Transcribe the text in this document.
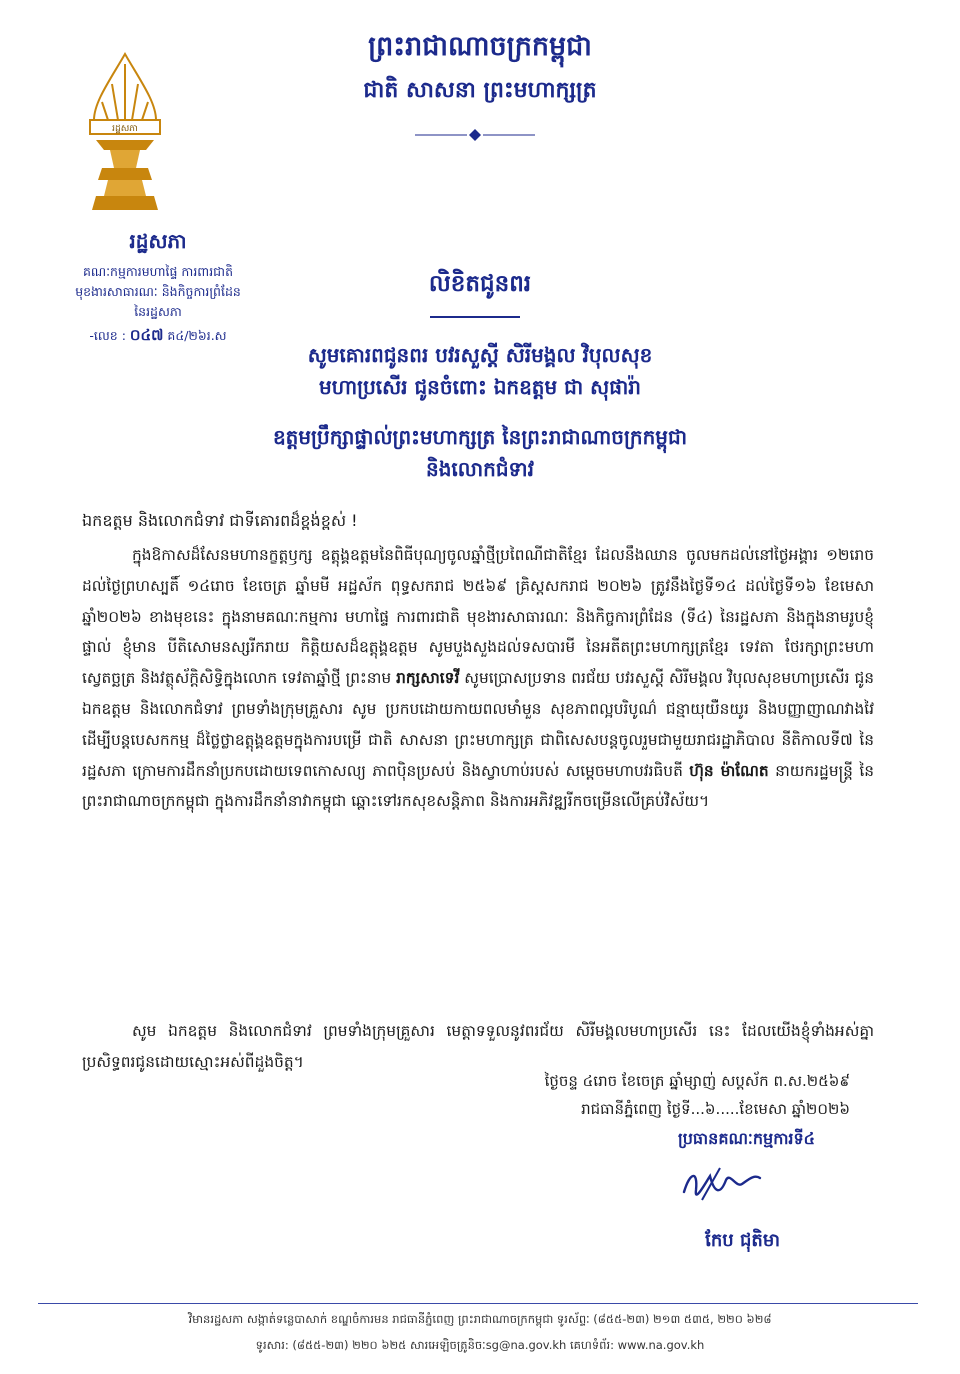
ព្រះរាជាណាចក្រកម្ពុជា
ជាតិ សាសនា ព្រះមហាក្សត្រ
រដ្ឋសភា
រដ្ឋសភា
គណៈកម្មការមហាផ្ទៃ ការពារជាតិ
មុខងារសាធារណៈ និងកិច្ចការព្រំដែន
នៃរដ្ឋសភា
-លេខ : ០៤៧ គ៤/២៦រ.ស
លិខិតជូនពរ
សូមគោរពជូនពរ បវរសួស្តី សិរីមង្គល វិបុលសុខ
មហាប្រសើរ ជូនចំពោះ ឯកឧត្តម ជា សុផារ៉ា
ឧត្តមប្រឹក្សាផ្ទាល់ព្រះមហាក្សត្រ នៃព្រះរាជាណាចក្រកម្ពុជា
និងលោកជំទាវ
ឯកឧត្តម និងលោកជំទាវ ជាទីគោរពដ៏ខ្ពង់ខ្ពស់ !
ក្នុងឱកាសដ៏សែនមហានក្ខត្តឫក្ស ឧត្តុង្គឧត្តមនៃពិធីបុណ្យចូលឆ្នាំថ្មីប្រពៃណីជាតិខ្មែរ ដែលនឹងឈាន ចូលមកដល់នៅថ្ងៃអង្គារ ១២រោច ដល់ថ្ងៃព្រហស្បតិ៍ ១៤រោច ខែចេត្រ ឆ្នាំមមី អដ្ឋស័ក ពុទ្ធសករាជ ២៥៦៩ គ្រិស្តសករាជ ២០២៦ ត្រូវនឹងថ្ងៃទី១៤ ដល់ថ្ងៃទី១៦ ខែមេសា ឆ្នាំ២០២៦ ខាងមុខនេះ ក្នុងនាមគណៈកម្មការ មហាផ្ទៃ ការពារជាតិ មុខងារសាធារណៈ និងកិច្ចការព្រំដែន (ទី៤) នៃរដ្ឋសភា និងក្នុងនាមរូបខ្ញុំផ្ទាល់ ខ្ញុំមាន បីតិសោមនស្សរីករាយ កិត្តិយសដ៏ឧត្តុង្គឧត្តម សូមបួងសួងដល់ទសបារមី នៃអតីតព្រះមហាក្សត្រខ្មែរ ទេវតា ថែរក្សាព្រះមហាស្វេតច្ឆត្រ និងវត្ថុស័ក្តិសិទ្ធិក្នុងលោក ទេវតាឆ្នាំថ្មី ព្រះនាម រាក្សសាទេវី សូមប្រោសប្រទាន ពរជ័យ បវរសួស្តី សិរីមង្គល វិបុលសុខមហាប្រសើរ ជូន ឯកឧត្តម និងលោកជំទាវ ព្រមទាំងក្រុមគ្រួសារ សូម ប្រកបដោយកាយពលមាំមួន សុខភាពល្អបរិបូណ៌ ជន្មាយុយឺនយូរ និងបញ្ញាញាណវាងវៃ ដើម្បីបន្តបេសកកម្ម ដ៏ថ្លៃថ្លាឧត្តុង្គឧត្តមក្នុងការបម្រើ ជាតិ សាសនា ព្រះមហាក្សត្រ ជាពិសេសបន្តចូលរួមជាមួយរាជរដ្ឋាភិបាល នីតិកាលទី៧ នៃរដ្ឋសភា ក្រោមការដឹកនាំប្រកបដោយទេពកោសល្យ ភាពប៉ិនប្រសប់ និងស្វាហាប់របស់ សម្តេចមហាបវរធិបតី ហ៊ុន ម៉ាណែត នាយករដ្ឋមន្ត្រី នៃព្រះរាជាណាចក្រកម្ពុជា ក្នុងការដឹកនាំនាវាកម្ពុជា ឆ្ពោះទៅរកសុខសន្តិភាព និងការអភិវឌ្ឍរីកចម្រើនលើគ្រប់វិស័យ។
សូម ឯកឧត្តម និងលោកជំទាវ ព្រមទាំងក្រុមគ្រួសារ មេត្តាទទួលនូវពរជ័យ សិរីមង្គលមហាប្រសើរ នេះ ដែលយើងខ្ញុំទាំងអស់គ្នា ប្រសិទ្ធពរជូនដោយស្មោះអស់ពីដួងចិត្ត។
ថ្ងៃចន្ទ ៤រោច ខែចេត្រ ឆ្នាំម្សាញ់ សប្តស័ក ព.ស.២៥៦៩
រាជធានីភ្នំពេញ ថ្ងៃទី...៦.....ខែមេសា ឆ្នាំ២០២៦
ប្រធានគណៈកម្មការទី៤
កែប ជុតិមា
វិមានរដ្ឋសភា សង្កាត់ទន្លេបាសាក់ ខណ្ឌចំការមន រាជធានីភ្នំពេញ ព្រះរាជាណាចក្រកម្ពុជា ទូរស័ព្ទៈ (៨៥៥-២៣) ២១៣ ៥៣៥, ២២០ ៦២៨
ទូរសារ: (៨៥៥-២៣) ២២០ ៦២៥ សារអេឡិចត្រូនិចៈsg@na.gov.kh គេហទំព័រ: www.na.gov.kh
